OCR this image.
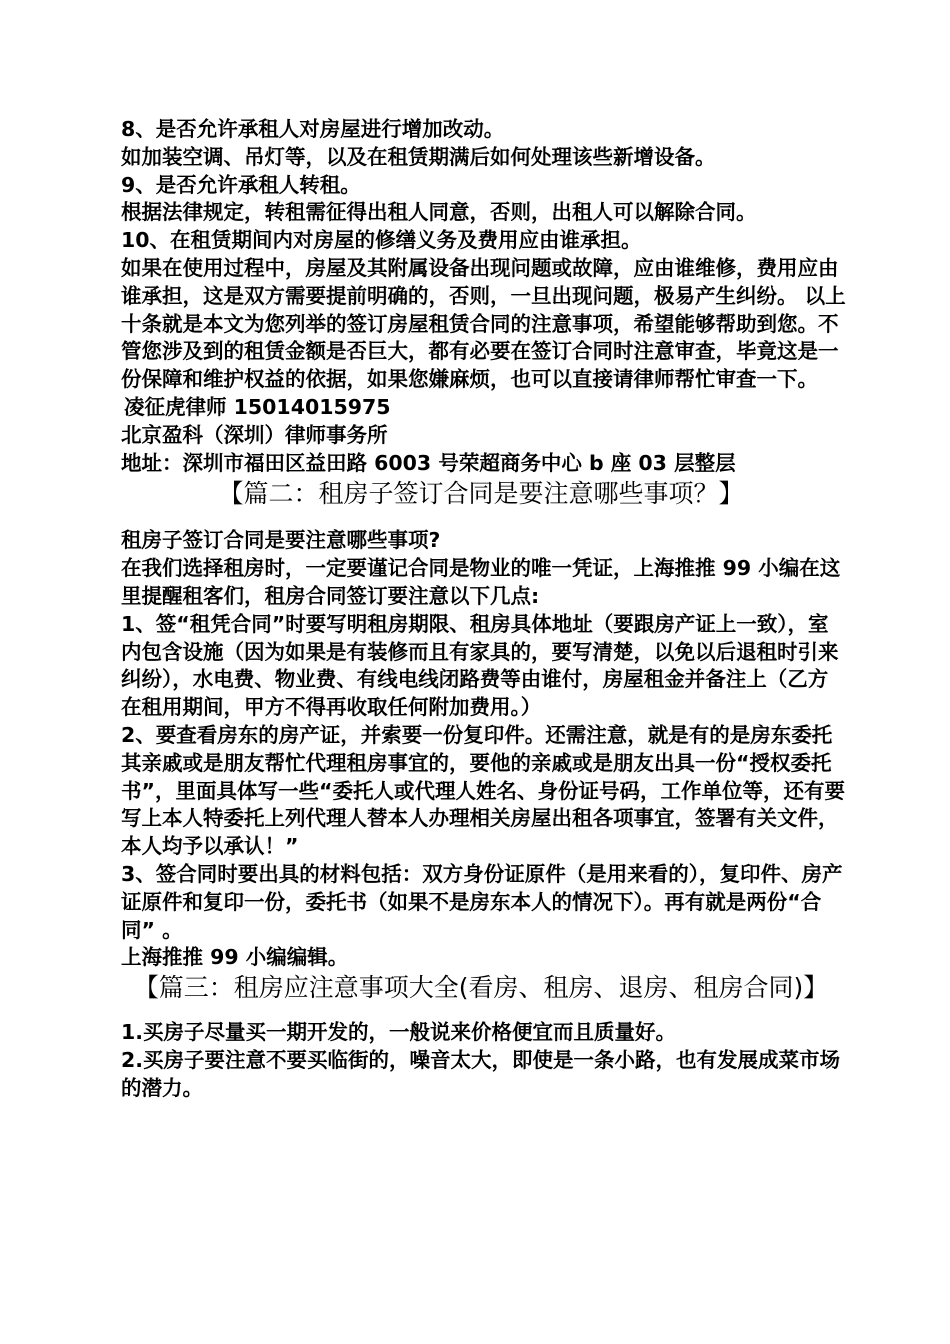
8、是否允许承租人对房屋进行增加改动。

如加装空调、吊灯等，以及在租赁期满后如何处理该些新增设备。

9、是否允许承租人转租。

根据法律规定，转租需征得出租人同意，否则，出租人可以解除合同。

10、在租赁期间内对房屋的修缮义务及费用应由谁承担。

如果在使用过程中，房屋及其附属设备出现问题或故障，应由谁维修，费用应由谁承担，这是双方需要提前明确的，否则，一旦出现问题，极易产生纠纷。 以上十条就是本文为您列举的签订房屋租赁合同的注意事项，希望能够帮助到您。不管您涉及到的租赁金额是否巨大，都有必要在签订合同时注意审查，毕竟这是一份保障和维护权益的依据，如果您嫌麻烦，也可以直接请律师帮忙审查一下。

凌征虎律师 15014015975

北京盈科（深圳）律师事务所

地址：深圳市福田区益田路 6003 号荣超商务中心 b 座 03 层整层

【篇二：租房子签订合同是要注意哪些事项？】

租房子签订合同是要注意哪些事项?

在我们选择租房时，一定要谨记合同是物业的唯一凭证，上海推推 99 小编在这里提醒租客们，租房合同签订要注意以下几点:

1、签“租凭合同”时要写明租房期限、租房具体地址（要跟房产证上一致），室内包含设施（因为如果是有装修而且有家具的，要写清楚，以免以后退租时引来纠纷），水电费、物业费、有线电线闭路费等由谁付，房屋租金并备注上（乙方在租用期间，甲方不得再收取任何附加费用。）

2、要查看房东的房产证，并索要一份复印件。还需注意，就是有的是房东委托其亲戚或是朋友帮忙代理租房事宜的，要他的亲戚或是朋友出具一份“授权委托书”，里面具体写一些“委托人或代理人姓名、身份证号码，工作单位等，还有要写上本人特委托上列代理人替本人办理相关房屋出租各项事宜，签署有关文件，本人均予以承认！”

3、签合同时要出具的材料包括：双方身份证原件（是用来看的），复印件、房产证原件和复印一份，委托书（如果不是房东本人的情况下）。再有就是两份“合同” 。

上海推推 99 小编编辑。

【篇三：租房应注意事项大全(看房、租房、退房、租房合同)】

1.买房子尽量买一期开发的，一般说来价格便宜而且质量好。

2.买房子要注意不要买临街的，噪音太大，即使是一条小路，也有发展成菜市场的潜力。
